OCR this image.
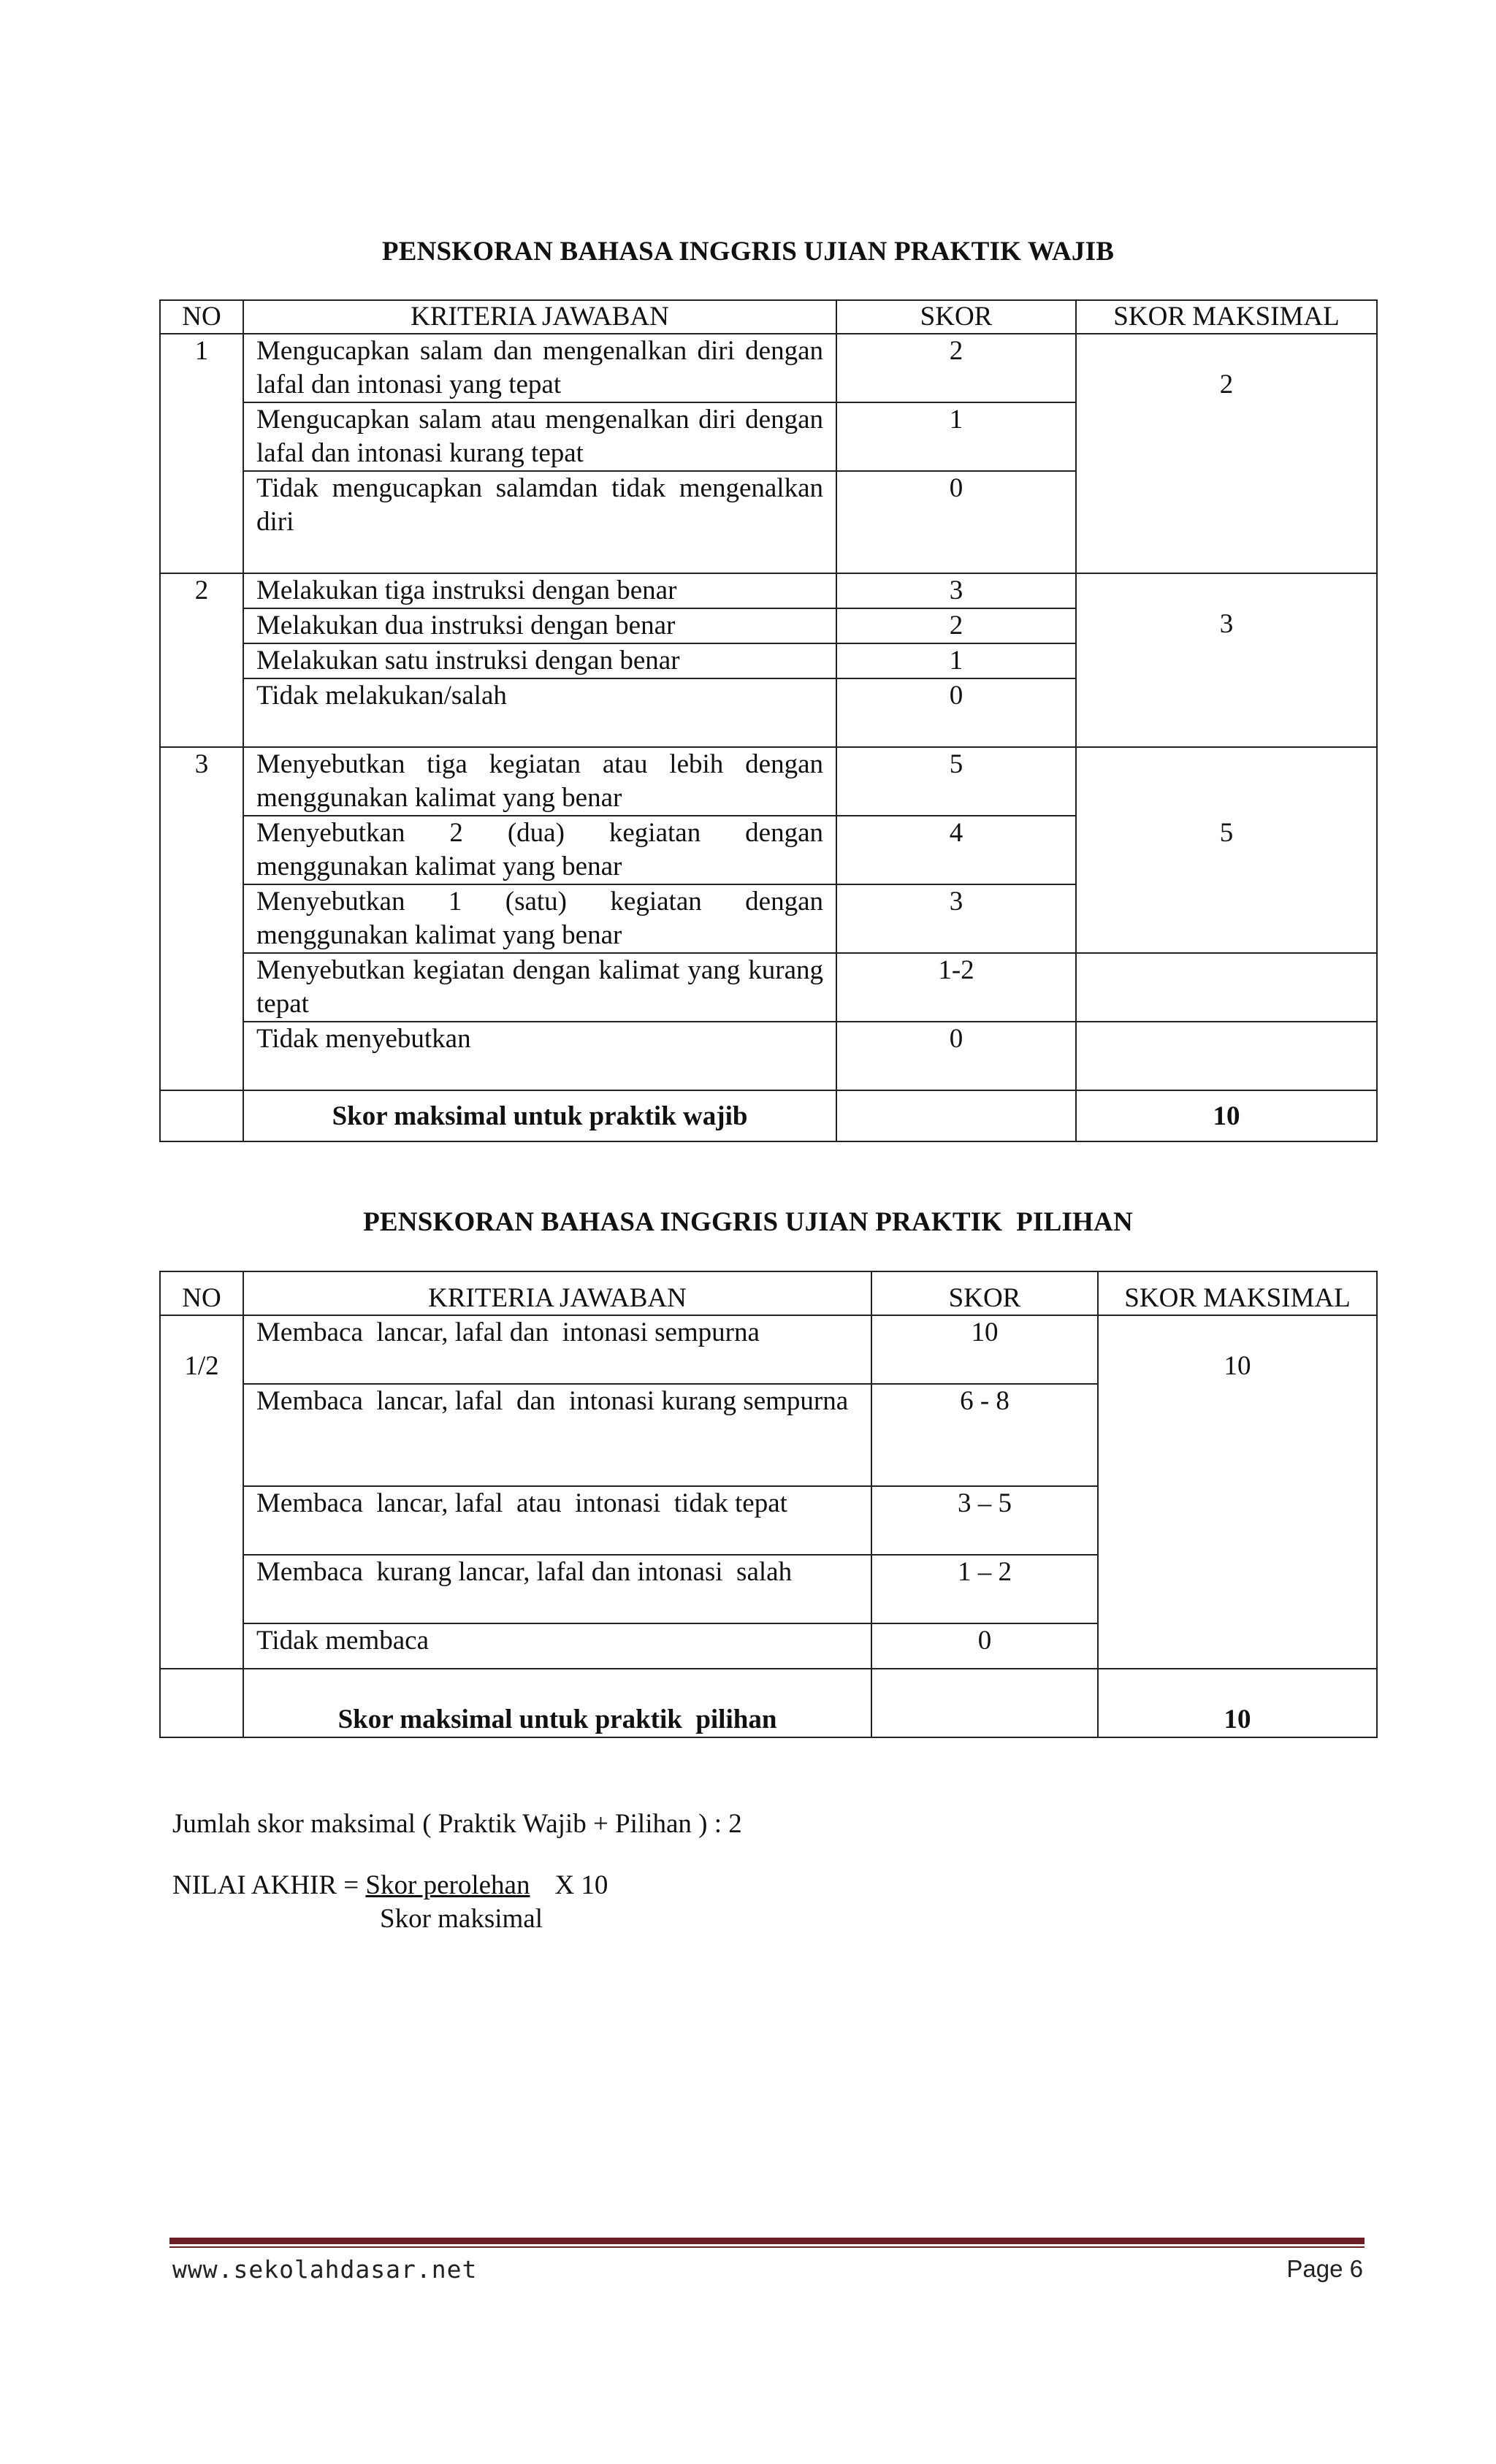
PENSKORAN BAHASA INGGRIS UJIAN PRAKTIK WAJIB
NO	KRITERIA JAWABAN	SKOR	SKOR MAKSIMAL
1	Mengucapkan salam dan mengenalkan diri dengan lafal dan intonasi yang tepat	2	2
	Mengucapkan salam atau mengenalkan diri dengan lafal dan intonasi kurang tepat	1	
	Tidak mengucapkan salamdan tidak mengenalkan diri	0	
2	Melakukan tiga instruksi dengan benar	3	3
	Melakukan dua instruksi dengan benar	2	
	Melakukan satu instruksi dengan benar	1	
	Tidak melakukan/salah	0	
3	Menyebutkan tiga kegiatan atau lebih dengan menggunakan kalimat yang benar	5	5
	Menyebutkan 2 (dua) kegiatan dengan menggunakan kalimat yang benar	4	
	Menyebutkan 1 (satu) kegiatan dengan menggunakan kalimat yang benar	3	
	Menyebutkan kegiatan dengan kalimat yang kurang tepat	1-2	
	Tidak menyebutkan	0	
	Skor maksimal untuk praktik wajib		10
PENSKORAN BAHASA INGGRIS UJIAN PRAKTIK  PILIHAN
NO	KRITERIA JAWABAN	SKOR	SKOR MAKSIMAL
1/2	Membaca  lancar, lafal dan  intonasi sempurna	10	10
	Membaca  lancar, lafal  dan  intonasi kurang sempurna	6 - 8	
	Membaca  lancar, lafal  atau  intonasi  tidak tepat	3 – 5	
	Membaca  kurang lancar, lafal dan intonasi  salah	1 – 2	
	Tidak membaca	0	
	Skor maksimal untuk praktik  pilihan		10
Jumlah skor maksimal ( Praktik Wajib + Pilihan ) : 2
NILAI AKHIR = Skor perolehan X 10
Skor maksimal
www.sekolahdasar.net	Page 6
